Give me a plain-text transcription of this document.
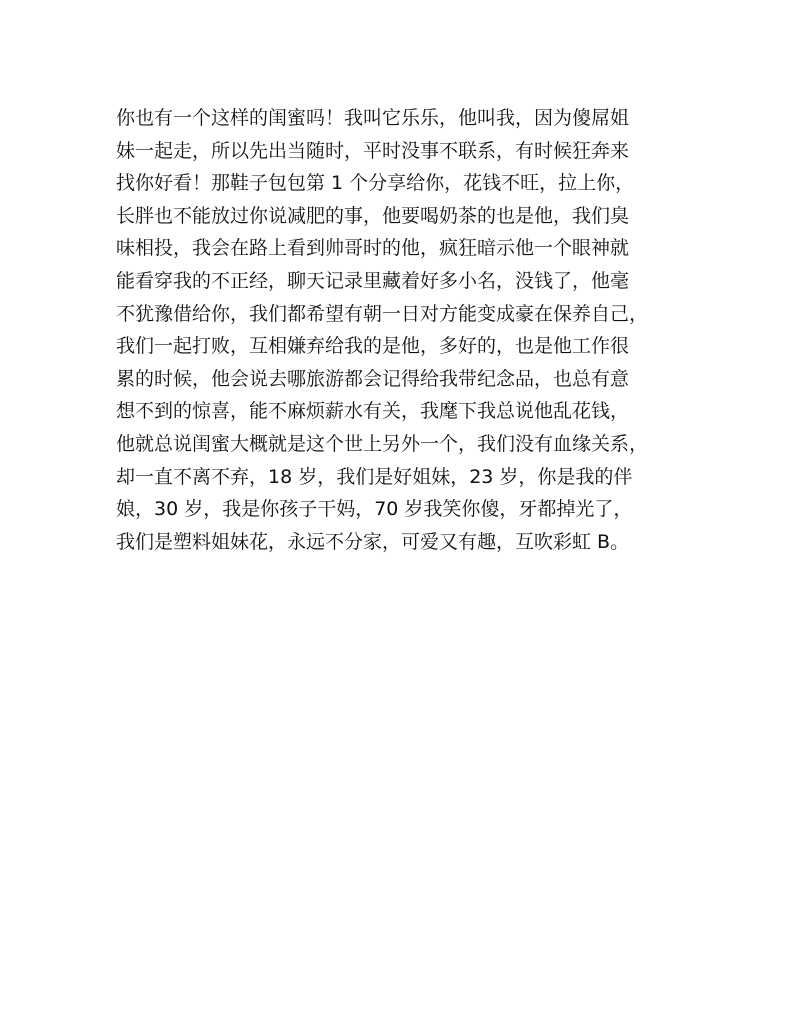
你也有一个这样的闺蜜吗！我叫它乐乐，他叫我，因为傻屌姐
妹一起走，所以先出当随时，平时没事不联系，有时候狂奔来
找你好看！那鞋子包包第 1 个分享给你，花钱不旺，拉上你，
长胖也不能放过你说减肥的事，他要喝奶茶的也是他，我们臭
味相投，我会在路上看到帅哥时的他，疯狂暗示他一个眼神就
能看穿我的不正经，聊天记录里藏着好多小名，没钱了，他毫
不犹豫借给你，我们都希望有朝一日对方能变成豪在保养自己，
我们一起打败，互相嫌弃给我的是他，多好的，也是他工作很
累的时候，他会说去哪旅游都会记得给我带纪念品，也总有意
想不到的惊喜，能不麻烦薪水有关，我麾下我总说他乱花钱，
他就总说闺蜜大概就是这个世上另外一个，我们没有血缘关系，
却一直不离不弃，18 岁，我们是好姐妹，23 岁，你是我的伴
娘，30 岁，我是你孩子干妈，70 岁我笑你傻，牙都掉光了，
我们是塑料姐妹花，永远不分家，可爱又有趣，互吹彩虹 B。
